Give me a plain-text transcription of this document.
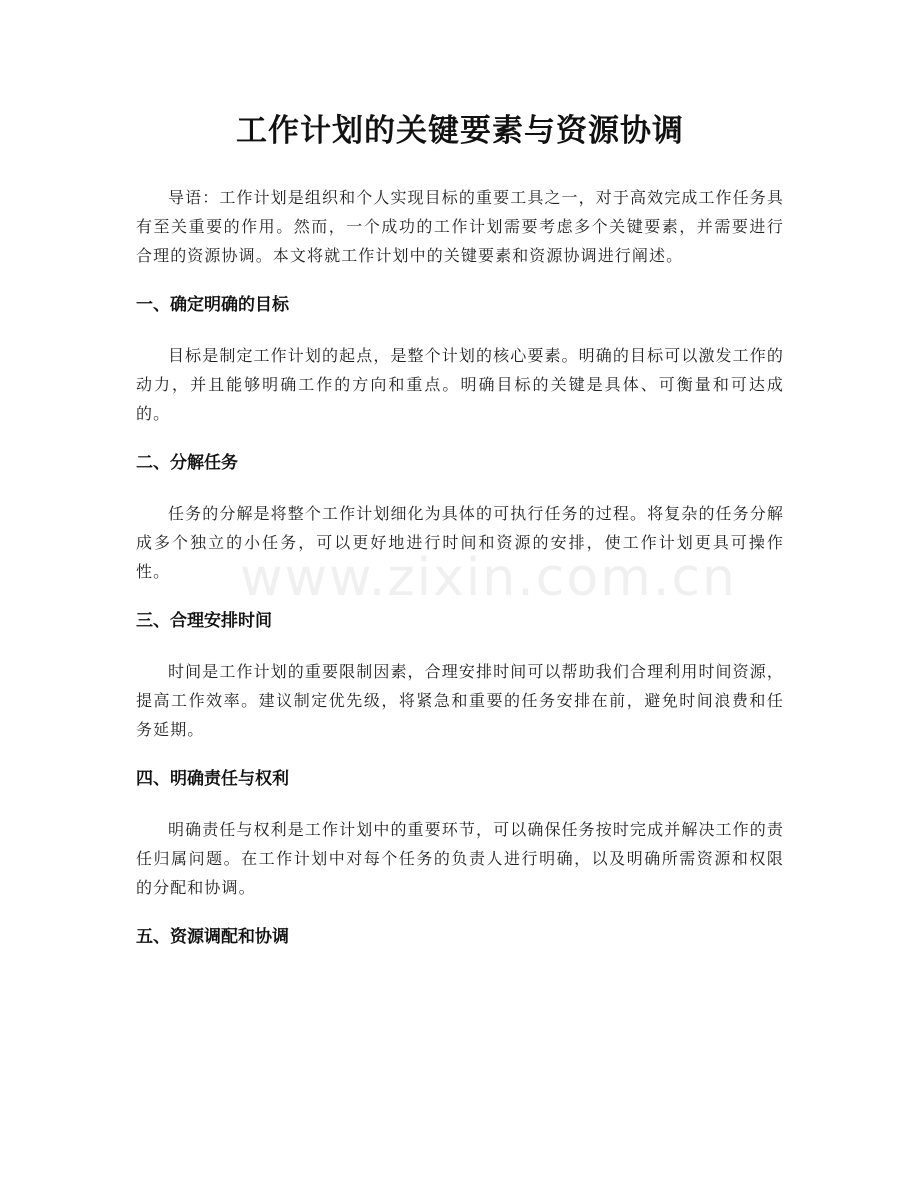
工作计划的关键要素与资源协调

导语：工作计划是组织和个人实现目标的重要工具之一，对于高效完成工作任务具有至关重要的作用。然而，一个成功的工作计划需要考虑多个关键要素，并需要进行合理的资源协调。本文将就工作计划中的关键要素和资源协调进行阐述。

一、确定明确的目标

目标是制定工作计划的起点，是整个计划的核心要素。明确的目标可以激发工作的动力，并且能够明确工作的方向和重点。明确目标的关键是具体、可衡量和可达成的。

二、分解任务

任务的分解是将整个工作计划细化为具体的可执行任务的过程。将复杂的任务分解成多个独立的小任务，可以更好地进行时间和资源的安排，使工作计划更具可操作性。

三、合理安排时间

时间是工作计划的重要限制因素，合理安排时间可以帮助我们合理利用时间资源，提高工作效率。建议制定优先级，将紧急和重要的任务安排在前，避免时间浪费和任务延期。

四、明确责任与权利

明确责任与权利是工作计划中的重要环节，可以确保任务按时完成并解决工作的责任归属问题。在工作计划中对每个任务的负责人进行明确，以及明确所需资源和权限的分配和协调。

五、资源调配和协调
www.zixin.com.cn
